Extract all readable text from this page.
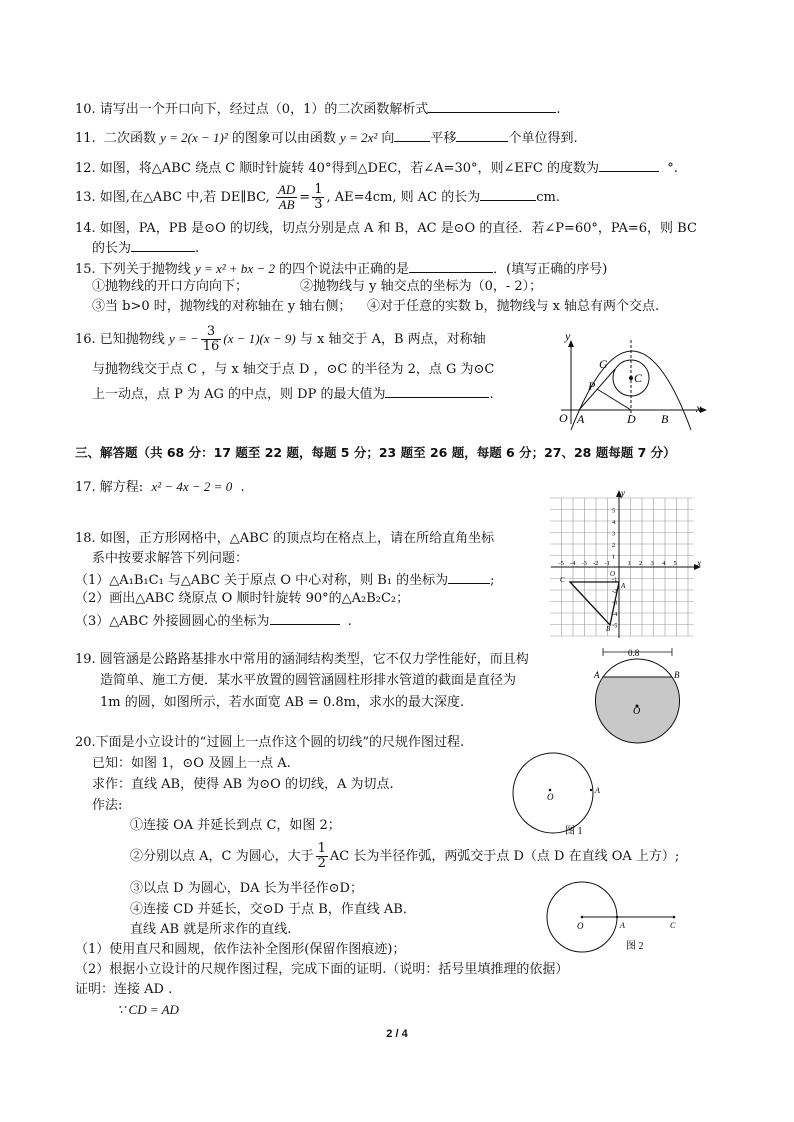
10. 请写出一个开口向下，经过点（0，1）的二次函数解析式	.
11. 二次函数 y = 2(x − 1)² 的图象可以由函数 y = 2x² 向	平移	个单位得到.
12. 如图，将△ABC 绕点 C 顺时针旋转 40°得到△DEC，若∠A=30°，则∠EFC 的度数为	°.
13. 如图,在△ABC 中,若 DE∥BC, $\frac{AD}{AB} = \frac{1}{3}$ , AE=4cm, 则 AC 的长为	cm.
14. 如图，PA，PB 是⊙O 的切线，切点分别是点 A 和 B，AC 是⊙O 的直径．若∠P=60°，PA=6，则 BC
的长为	.
15. 下列关于抛物线 y = x² + bx − 2 的四个说法中正确的是	．(填写正确的序号)
①抛物线的开口方向向下；	②抛物线与 y 轴交点的坐标为（0，- 2）；
③当 b>0 时，抛物线的对称轴在 y 轴右侧； ④对于任意的实数 b，抛物线与 x 轴总有两个交点.
16. 已知抛物线 y = − $\frac{3}{16} (x - 1)(x - 9)$ 与 x 轴交于 A，B 两点，对称轴
与抛物线交于点 C ，与 x 轴交于点 D ，⊙C 的半径为 2，点 G 为⊙C
上一动点，点 P 为 AG 的中点，则 DP 的最大值为	.
y
x
O A	D B
C
G
P
三、解答题（共 68 分：17 题至 22 题，每题 5 分；23 题至 26 题，每题 6 分；27、28 题每题 7 分）
17. 解方程: x² − 4x − 2 = 0 .
18. 如图，正方形网格中，△ABC 的顶点均在格点上，请在所给直角坐标
系中按要求解答下列问题：
（1）△A₁B₁C₁ 与△ABC 关于原点 O 中心对称，则 B₁ 的坐标为	;
（2）画出△ABC 绕原点 O 顺时针旋转 90°的△A₂B₂C₂；
（3）△ABC 外接圆圆心的坐标为	.
-5 -4 -3 -2 -1	1 2 3 4 5
5
4
3
2
1
-1
-2
-3
-4
-5
x
y
O
A
B
C
19. 圆管涵是公路路基排水中常用的涵洞结构类型，它不仅力学性能好，而且构
造简单、施工方便．某水平放置的圆管涵圆柱形排水管道的截面是直径为
1m 的圆，如图所示，若水面宽 AB = 0.8m，求水的最大深度.
0.8
A	B
O
20.下面是小立设计的“过圆上一点作这个圆的切线”的尺规作图过程.
已知：如图 1，⊙O 及圆上一点 A.
求作：直线 AB，使得 AB 为⊙O 的切线，A 为切点.
作法:
①连接 OA 并延长到点 C，如图 2；
②分别以点 A，C 为圆心，大于 $\frac{1}{2}$ AC 长为半径作弧，两弧交于点 D（点 D 在直线 OA 上方）;
③以点 D 为圆心，DA 长为半径作⊙D；
④连接 CD 并延长，交⊙D 于点 B，作直线 AB．
直线 AB 就是所求作的直线.
（1）使用直尺和圆规，依作法补全图形(保留作图痕迹)；
（2）根据小立设计的尺规作图过程，完成下面的证明.（说明：括号里填推理的依据）
证明：连接 AD .
∵ CD = AD
O
A
图 1
O	A	C
图 2
2 / 4
